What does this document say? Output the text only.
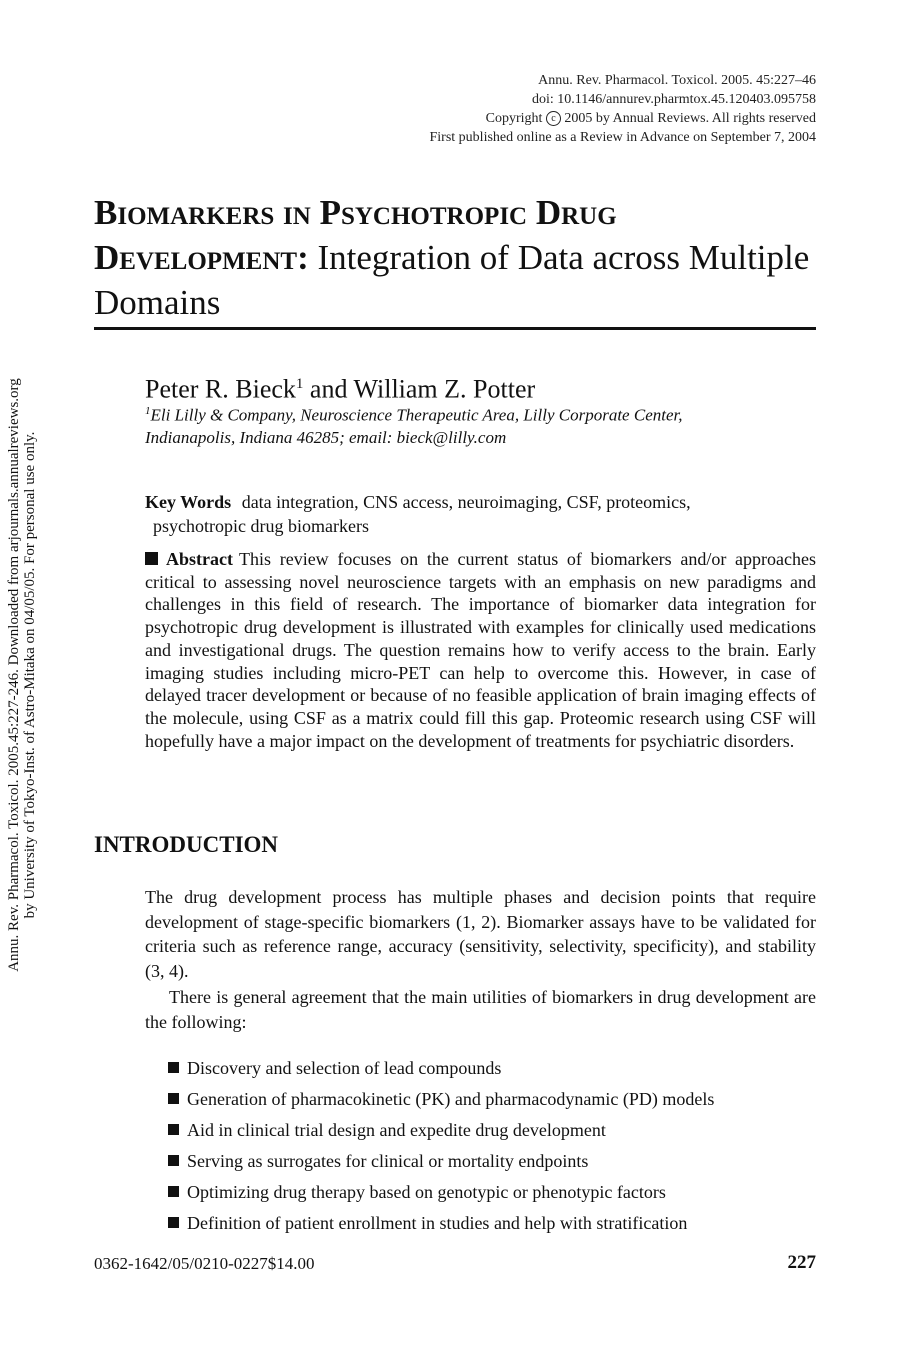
Annu. Rev. Pharmacol. Toxicol. 2005.45:227-246. Downloaded from arjournals.annualreviews.org by University of Tokyo-Inst. of Astro-Mitaka on 04/05/05. For personal use only.
Annu. Rev. Pharmacol. Toxicol. 2005. 45:227–46
doi: 10.1146/annurev.pharmtox.45.120403.095758
Copyright c 2005 by Annual Reviews. All rights reserved
First published online as a Review in Advance on September 7, 2004
Biomarkers in Psychotropic Drug Development: Integration of Data across Multiple Domains
Peter R. Bieck$^1$ and William Z. Potter
$^1$Eli Lilly & Company, Neuroscience Therapeutic Area, Lilly Corporate Center,
Indianapolis, Indiana 46285; email: bieck@lilly.com
Key Words data integration, CNS access, neuroimaging, CSF, proteomics,
psychotropic drug biomarkers

Abstract This review focuses on the current status of biomarkers and/or approaches critical to assessing novel neuroscience targets with an emphasis on new paradigms and challenges in this field of research. The importance of biomarker data integration for psychotropic drug development is illustrated with examples for clinically used medications and investigational drugs. The question remains how to verify access to the brain. Early imaging studies including micro-PET can help to overcome this. However, in case of delayed tracer development or because of no feasible application of brain imaging effects of the molecule, using CSF as a matrix could fill this gap. Proteomic research using CSF will hopefully have a major impact on the development of treatments for psychiatric disorders.

INTRODUCTION

The drug development process has multiple phases and decision points that require development of stage-specific biomarkers (1, 2). Biomarker assays have to be validated for criteria such as reference range, accuracy (sensitivity, selectivity, specificity), and stability (3, 4).

There is general agreement that the main utilities of biomarkers in drug development are the following:

Discovery and selection of lead compounds
Generation of pharmacokinetic (PK) and pharmacodynamic (PD) models
Aid in clinical trial design and expedite drug development
Serving as surrogates for clinical or mortality endpoints
Optimizing drug therapy based on genotypic or phenotypic factors
Definition of patient enrollment in studies and help with stratification
0362-1642/05/0210-0227$14.00	227
